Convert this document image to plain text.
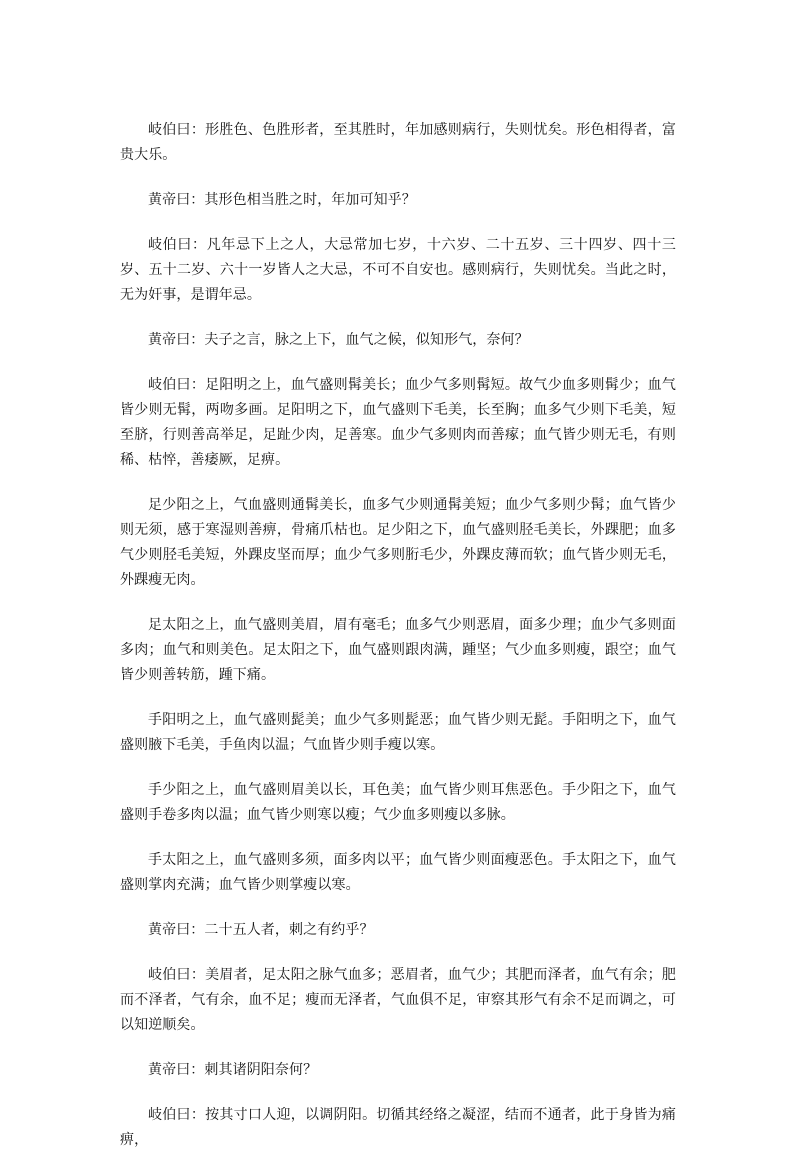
岐伯曰：形胜色、色胜形者，至其胜时，年加感则病行，失则忧矣。形色相得者，富贵大乐。

黄帝曰：其形色相当胜之时，年加可知乎？

岐伯曰：凡年忌下上之人，大忌常加七岁，十六岁、二十五岁、三十四岁、四十三岁、五十二岁、六十一岁皆人之大忌，不可不自安也。感则病行，失则忧矣。当此之时，无为奸事，是谓年忌。

黄帝曰：夫子之言，脉之上下，血气之候，似知形气，奈何？

岐伯曰：足阳明之上，血气盛则髯美长；血少气多则髯短。故气少血多则髯少；血气皆少则无髯，两吻多画。足阳明之下，血气盛则下毛美，长至胸；血多气少则下毛美，短至脐，行则善高举足，足趾少肉，足善寒。血少气多则肉而善瘃；血气皆少则无毛，有则稀、枯悴，善痿厥，足痹。

足少阳之上，气血盛则通髯美长，血多气少则通髯美短；血少气多则少髯；血气皆少则无须，感于寒湿则善痹，骨痛爪枯也。足少阳之下，血气盛则胫毛美长，外踝肥；血多气少则胫毛美短，外踝皮坚而厚；血少气多则胻毛少，外踝皮薄而软；血气皆少则无毛，外踝瘦无肉。

足太阳之上，血气盛则美眉，眉有毫毛；血多气少则恶眉，面多少理；血少气多则面多肉；血气和则美色。足太阳之下，血气盛则跟肉满，踵坚；气少血多则瘦，跟空；血气皆少则善转筋，踵下痛。

手阳明之上，血气盛则髭美；血少气多则髭恶；血气皆少则无髭。手阳明之下，血气盛则腋下毛美，手鱼肉以温；气血皆少则手瘦以寒。

手少阳之上，血气盛则眉美以长，耳色美；血气皆少则耳焦恶色。手少阳之下，血气盛则手卷多肉以温；血气皆少则寒以瘦；气少血多则瘦以多脉。

手太阳之上，血气盛则多须，面多肉以平；血气皆少则面瘦恶色。手太阳之下，血气盛则掌肉充满；血气皆少则掌瘦以寒。

黄帝曰：二十五人者，刺之有约乎？

岐伯曰：美眉者，足太阳之脉气血多；恶眉者，血气少；其肥而泽者，血气有余；肥而不泽者，气有余，血不足；瘦而无泽者，气血俱不足，审察其形气有余不足而调之，可以知逆顺矣。

黄帝曰：刺其诸阴阳奈何？

岐伯曰：按其寸口人迎，以调阴阳。切循其经络之凝涩，结而不通者，此于身皆为痛痹，
